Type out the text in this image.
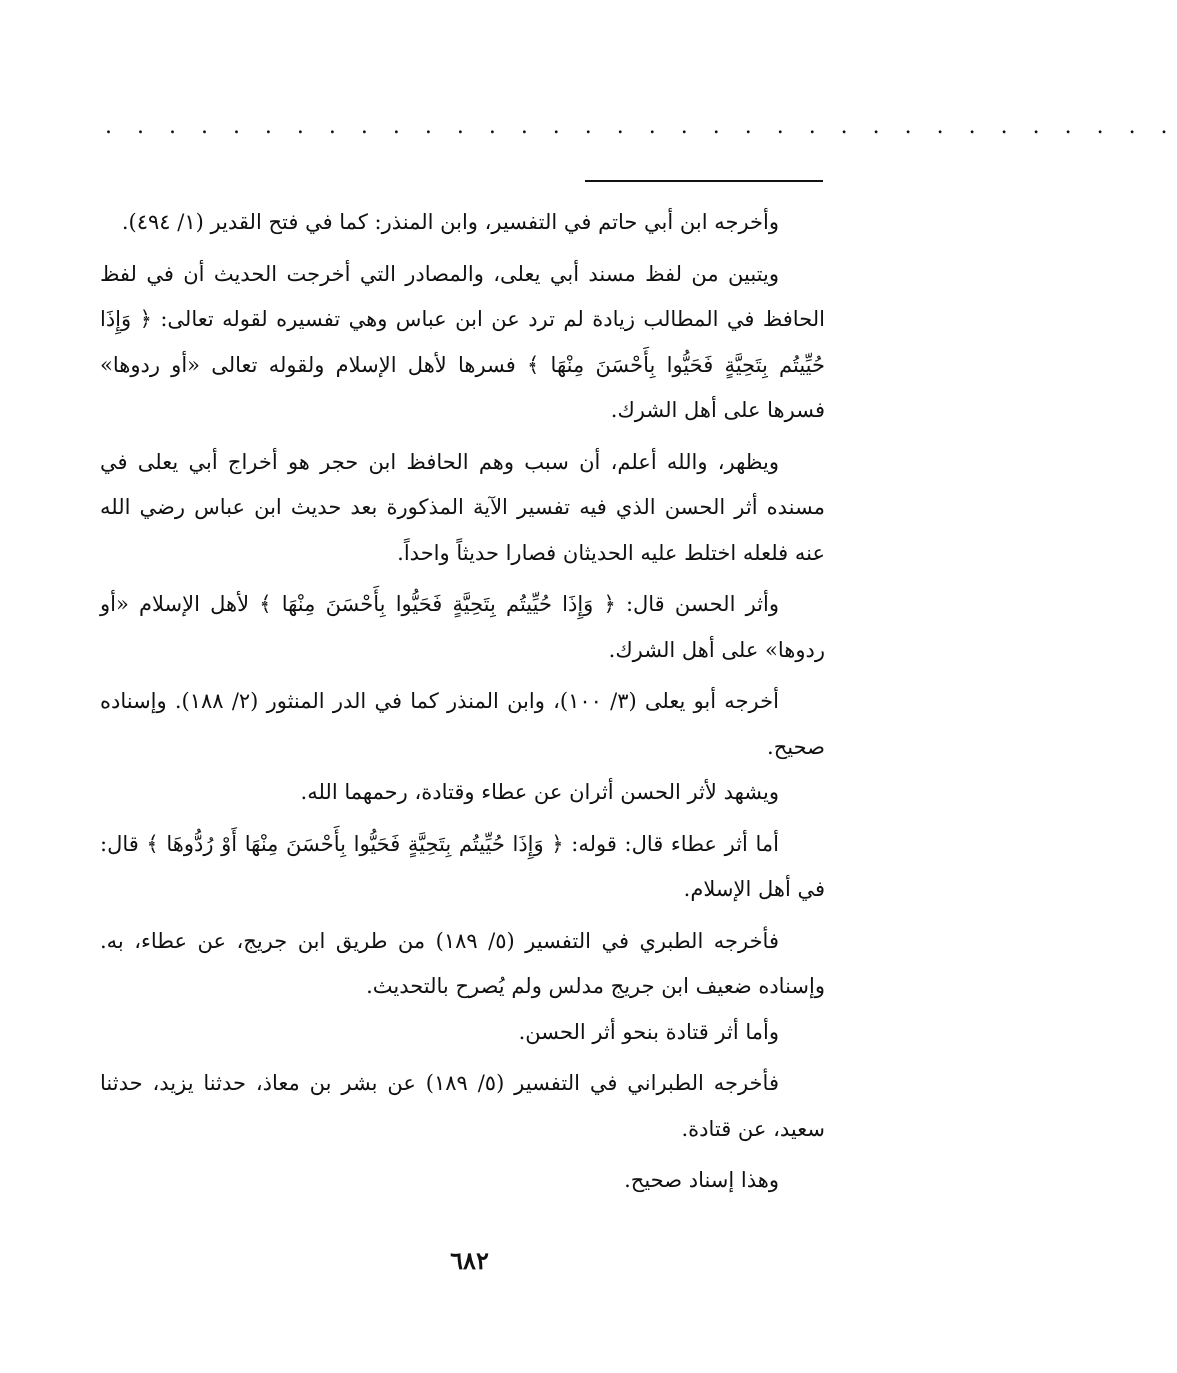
. . . . . . . . . . . . . . . . . . . . . . . . . . . . . . . . . .

وأخرجه ابن أبي حاتم في التفسير، وابن المنذر: كما في فتح القدير (١/ ٤٩٤).

ويتبين من لفظ مسند أبي يعلى، والمصادر التي أخرجت الحديث أن في لفظ الحافظ في المطالب زيادة لم ترد عن ابن عباس وهي تفسيره لقوله تعالى: ﴿ وَإِذَا حُيِّيتُم بِتَحِيَّةٍ فَحَيُّوا بِأَحْسَنَ مِنْهَا ﴾ فسرها لأهل الإسلام ولقوله تعالى «أو ردوها» فسرها على أهل الشرك.

ويظهر، والله أعلم، أن سبب وهم الحافظ ابن حجر هو أخراج أبي يعلى في مسنده أثر الحسن الذي فيه تفسير الآية المذكورة بعد حديث ابن عباس رضي الله عنه فلعله اختلط عليه الحديثان فصارا حديثاً واحداً.

وأثر الحسن قال: ﴿ وَإِذَا حُيِّيتُم بِتَحِيَّةٍ فَحَيُّوا بِأَحْسَنَ مِنْهَا ﴾ لأهل الإسلام «أو ردوها» على أهل الشرك.

أخرجه أبو يعلى (٣/ ١٠٠)، وابن المنذر كما في الدر المنثور (٢/ ١٨٨). وإسناده صحيح.

ويشهد لأثر الحسن أثران عن عطاء وقتادة، رحمهما الله.

أما أثر عطاء قال: قوله: ﴿ وَإِذَا حُيِّيتُم بِتَحِيَّةٍ فَحَيُّوا بِأَحْسَنَ مِنْهَا أَوْ رُدُّوهَا ﴾ قال: في أهل الإسلام.

فأخرجه الطبري في التفسير (٥/ ١٨٩) من طريق ابن جريج، عن عطاء، به. وإسناده ضعيف ابن جريج مدلس ولم يُصرح بالتحديث.

وأما أثر قتادة بنحو أثر الحسن.

فأخرجه الطبراني في التفسير (٥/ ١٨٩) عن بشر بن معاذ، حدثنا يزيد، حدثنا سعيد، عن قتادة.

وهذا إسناد صحيح.

٦٨٢
